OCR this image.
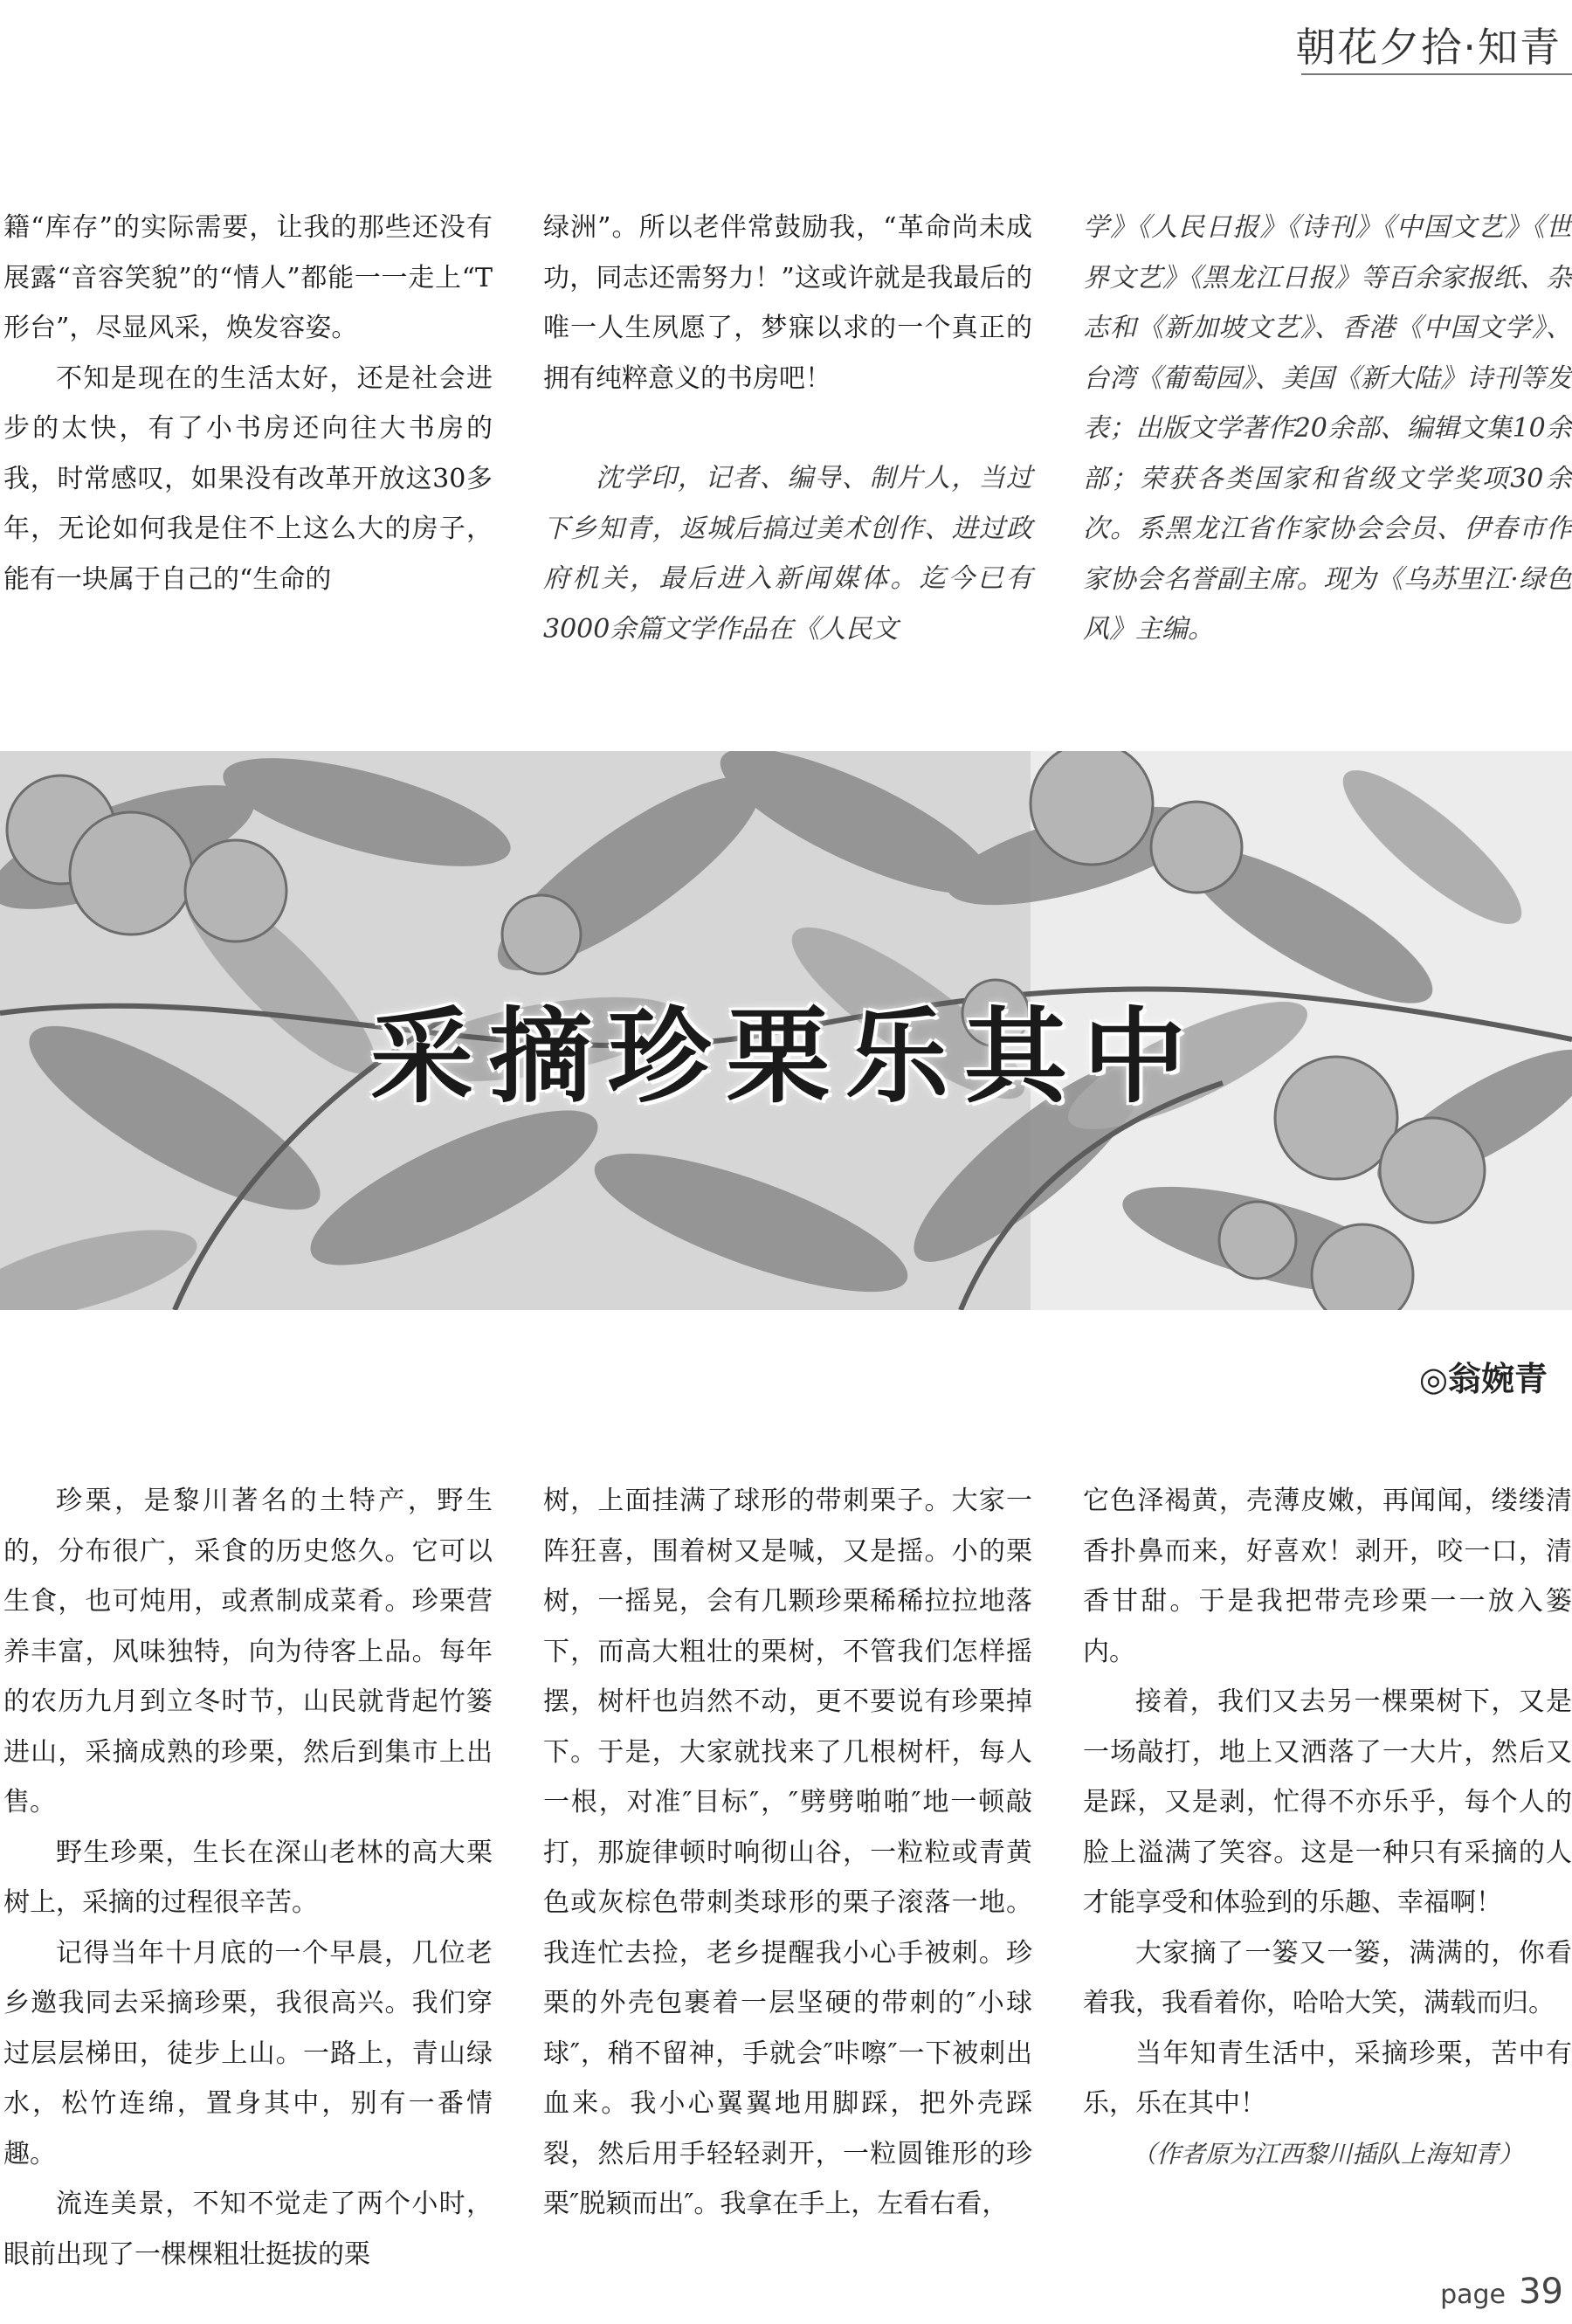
朝花夕拾·知青

籍“库存”的实际需要，让我的那些还没有展露“音容笑貌”的“情人”都能一一走上“T形台”，尽显风采，焕发容姿。

不知是现在的生活太好，还是社会进步的太快，有了小书房还向往大书房的我，时常感叹，如果没有改革开放这30多年，无论如何我是住不上这么大的房子，能有一块属于自己的“生命的

绿洲”。所以老伴常鼓励我，“革命尚未成功，同志还需努力！”这或许就是我最后的唯一人生夙愿了，梦寐以求的一个真正的拥有纯粹意义的书房吧！

沈学印，记者、编导、制片人，当过下乡知青，返城后搞过美术创作、进过政府机关，最后进入新闻媒体。迄今已有3000余篇文学作品在《人民文

学》《人民日报》《诗刊》《中国文艺》《世界文艺》《黑龙江日报》等百余家报纸、杂志和《新加坡文艺》、香港《中国文学》、台湾《葡萄园》、美国《新大陆》诗刊等发表；出版文学著作20余部、编辑文集10余部；荣获各类国家和省级文学奖项30余次。系黑龙江省作家协会会员、伊春市作家协会名誉副主席。现为《乌苏里江·绿色风》主编。

采摘珍栗乐其中
◎翁婉青

珍栗，是黎川著名的土特产，野生的，分布很广，采食的历史悠久。它可以生食，也可炖用，或煮制成菜肴。珍栗营养丰富，风味独特，向为待客上品。每年的农历九月到立冬时节，山民就背起竹篓进山，采摘成熟的珍栗，然后到集市上出售。

野生珍栗，生长在深山老林的高大栗树上，采摘的过程很辛苦。

记得当年十月底的一个早晨，几位老乡邀我同去采摘珍栗，我很高兴。我们穿过层层梯田，徒步上山。一路上，青山绿水，松竹连绵，置身其中，别有一番情趣。

流连美景，不知不觉走了两个小时，眼前出现了一棵棵粗壮挺拔的栗

树，上面挂满了球形的带刺栗子。大家一阵狂喜，围着树又是喊，又是摇。小的栗树，一摇晃，会有几颗珍栗稀稀拉拉地落下，而高大粗壮的栗树，不管我们怎样摇摆，树杆也岿然不动，更不要说有珍栗掉下。于是，大家就找来了几根树杆，每人一根，对准″目标″，″劈劈啪啪″地一顿敲打，那旋律顿时响彻山谷，一粒粒或青黄色或灰棕色带刺类球形的栗子滚落一地。我连忙去捡，老乡提醒我小心手被刺。珍栗的外壳包裹着一层坚硬的带刺的″小球球″，稍不留神，手就会″咔嚓″一下被刺出血来。我小心翼翼地用脚踩，把外壳踩裂，然后用手轻轻剥开，一粒圆锥形的珍栗″脱颖而出″。我拿在手上，左看右看，

它色泽褐黄，壳薄皮嫩，再闻闻，缕缕清香扑鼻而来，好喜欢！剥开，咬一口，清香甘甜。于是我把带壳珍栗一一放入篓内。

接着，我们又去另一棵栗树下，又是一场敲打，地上又洒落了一大片，然后又是踩，又是剥，忙得不亦乐乎，每个人的脸上溢满了笑容。这是一种只有采摘的人才能享受和体验到的乐趣、幸福啊！

大家摘了一篓又一篓，满满的，你看着我，我看着你，哈哈大笑，满载而归。

当年知青生活中，采摘珍栗，苦中有乐，乐在其中！

（作者原为江西黎川插队上海知青）

page 39
